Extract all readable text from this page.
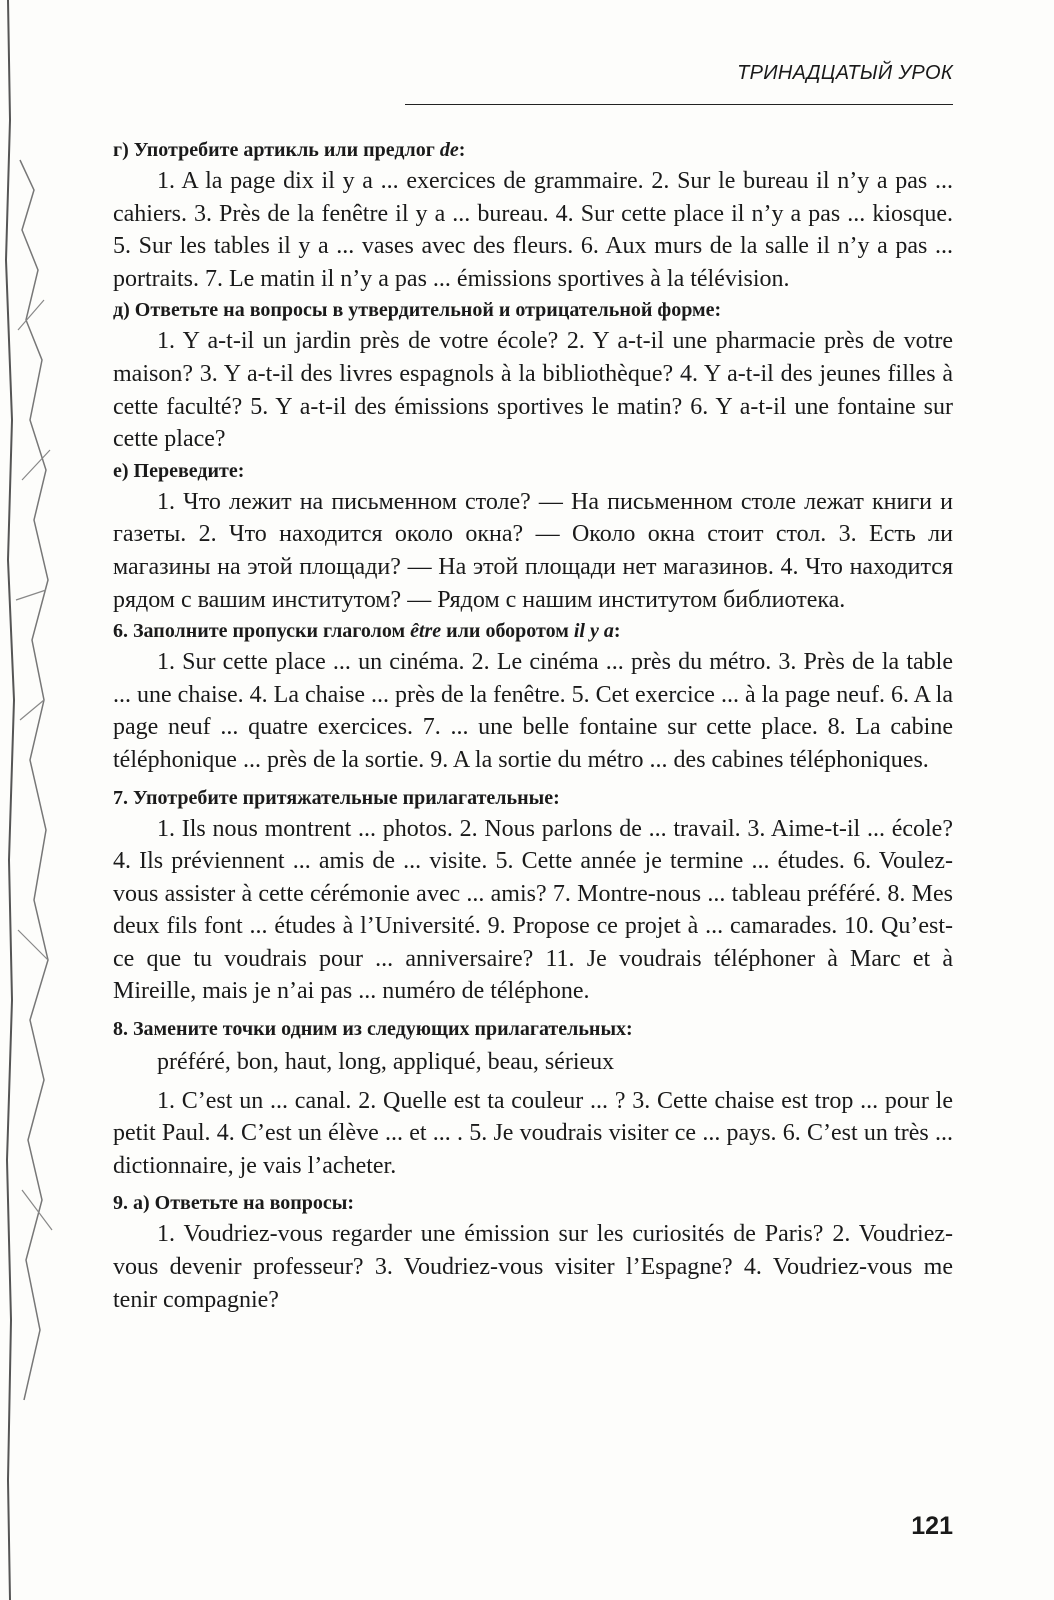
ТРИНАДЦАТЫЙ УРОК

г) Употребите артикль или предлог de:

1. A la page dix il y a ... exercices de grammaire. 2. Sur le bureau il n’y a pas ... cahiers. 3. Près de la fenêtre il y a ... bureau. 4. Sur cette place il n’y a pas ... kiosque. 5. Sur les tables il y a ... vases avec des fleurs. 6. Aux murs de la salle il n’y a pas ... portraits. 7. Le matin il n’y a pas ... émissions sportives à la télévision.

д) Ответьте на вопросы в утвердительной и отрицательной форме:

1. Y a-t-il un jardin près de votre école? 2. Y a-t-il une pharmacie près de votre maison? 3. Y a-t-il des livres espagnols à la bibliothèque? 4. Y a-t-il des jeunes filles à cette faculté? 5. Y a-t-il des émissions sportives le matin? 6. Y a-t-il une fontaine sur cette place?

е) Переведите:

1. Что лежит на письменном столе? — На письменном столе лежат книги и газеты. 2. Что находится около окна? — Около окна стоит стол. 3. Есть ли магазины на этой площади? — На этой площади нет магазинов. 4. Что находится рядом с вашим институтом? — Рядом с нашим институтом библиотека.

6. Заполните пропуски глаголом être или оборотом il y a:

1. Sur cette place ... un cinéma. 2. Le cinéma ... près du métro. 3. Près de la table ... une chaise. 4. La chaise ... près de la fenêtre. 5. Cet exercice ... à la page neuf. 6. A la page neuf ... quatre exercices. 7. ... une belle fontaine sur cette place. 8. La cabine téléphonique ... près de la sortie. 9. A la sortie du métro ... des cabines téléphoniques.

7. Употребите притяжательные прилагательные:

1. Ils nous montrent ... photos. 2. Nous parlons de ... travail. 3. Aime-t-il ... école? 4. Ils préviennent ... amis de ... visite. 5. Cette année je termine ... études. 6. Voulez-vous assister à cette cérémonie avec ... amis? 7. Montre-nous ... tableau préféré. 8. Mes deux fils font ... études à l’Université. 9. Propose ce projet à ... camarades. 10. Qu’est-ce que tu voudrais pour ... anniversaire? 11. Je voudrais téléphoner à Marc et à Mireille, mais je n’ai pas ... numéro de téléphone.

8. Замените точки одним из следующих прилагательных:

préféré, bon, haut, long, appliqué, beau, sérieux

1. C’est un ... canal. 2. Quelle est ta couleur ... ? 3. Cette chaise est trop ... pour le petit Paul. 4. C’est un élève ... et ... . 5. Je voudrais visiter ce ... pays. 6. C’est un très ... dictionnaire, je vais l’acheter.

9. а) Ответьте на вопросы:

1. Voudriez-vous regarder une émission sur les curiosités de Paris? 2. Voudriez-vous devenir professeur? 3. Voudriez-vous visiter l’Espagne? 4. Voudriez-vous me tenir compagnie?

121
